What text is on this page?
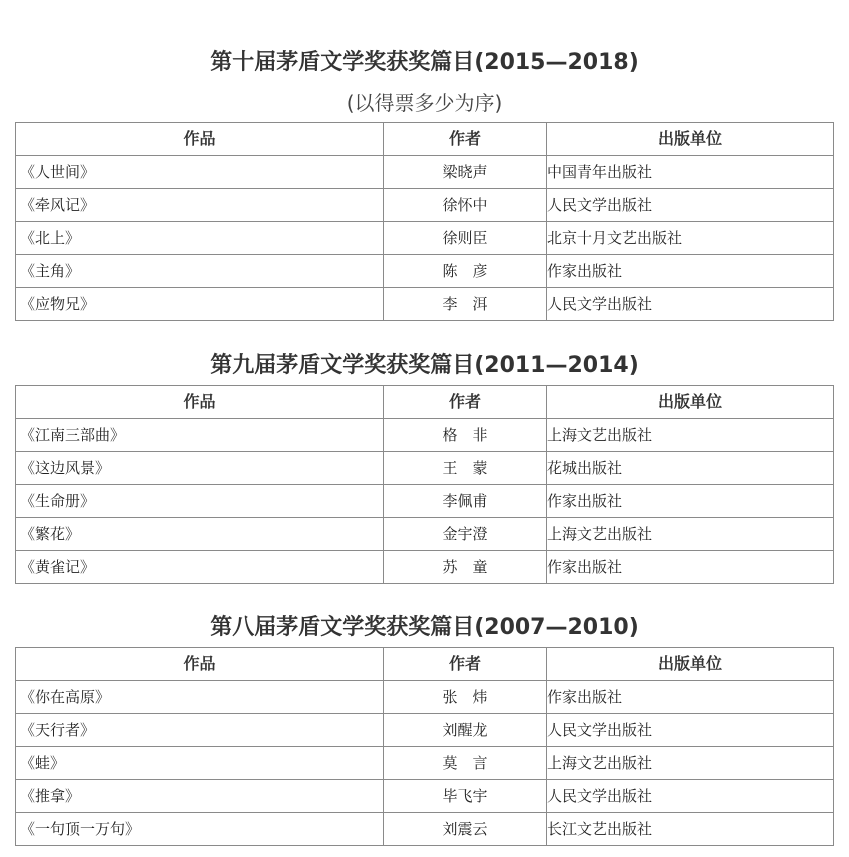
第十届茅盾文学奖获奖篇目(2015—2018)
(以得票多少为序)
作品	作者	出版单位
《人世间》	梁晓声	中国青年出版社
《牵风记》	徐怀中	人民文学出版社
《北上》	徐则臣	北京十月文艺出版社
《主角》	陈　彦	作家出版社
《应物兄》	李　洱	人民文学出版社
第九届茅盾文学奖获奖篇目(2011—2014)
作品	作者	出版单位
《江南三部曲》	格　非	上海文艺出版社
《这边风景》	王　蒙	花城出版社
《生命册》	李佩甫	作家出版社
《繁花》	金宇澄	上海文艺出版社
《黄雀记》	苏　童	作家出版社
第八届茅盾文学奖获奖篇目(2007—2010)
作品	作者	出版单位
《你在高原》	张　炜	作家出版社
《天行者》	刘醒龙	人民文学出版社
《蛙》	莫　言	上海文艺出版社
《推拿》	毕飞宇	人民文学出版社
《一句顶一万句》	刘震云	长江文艺出版社
